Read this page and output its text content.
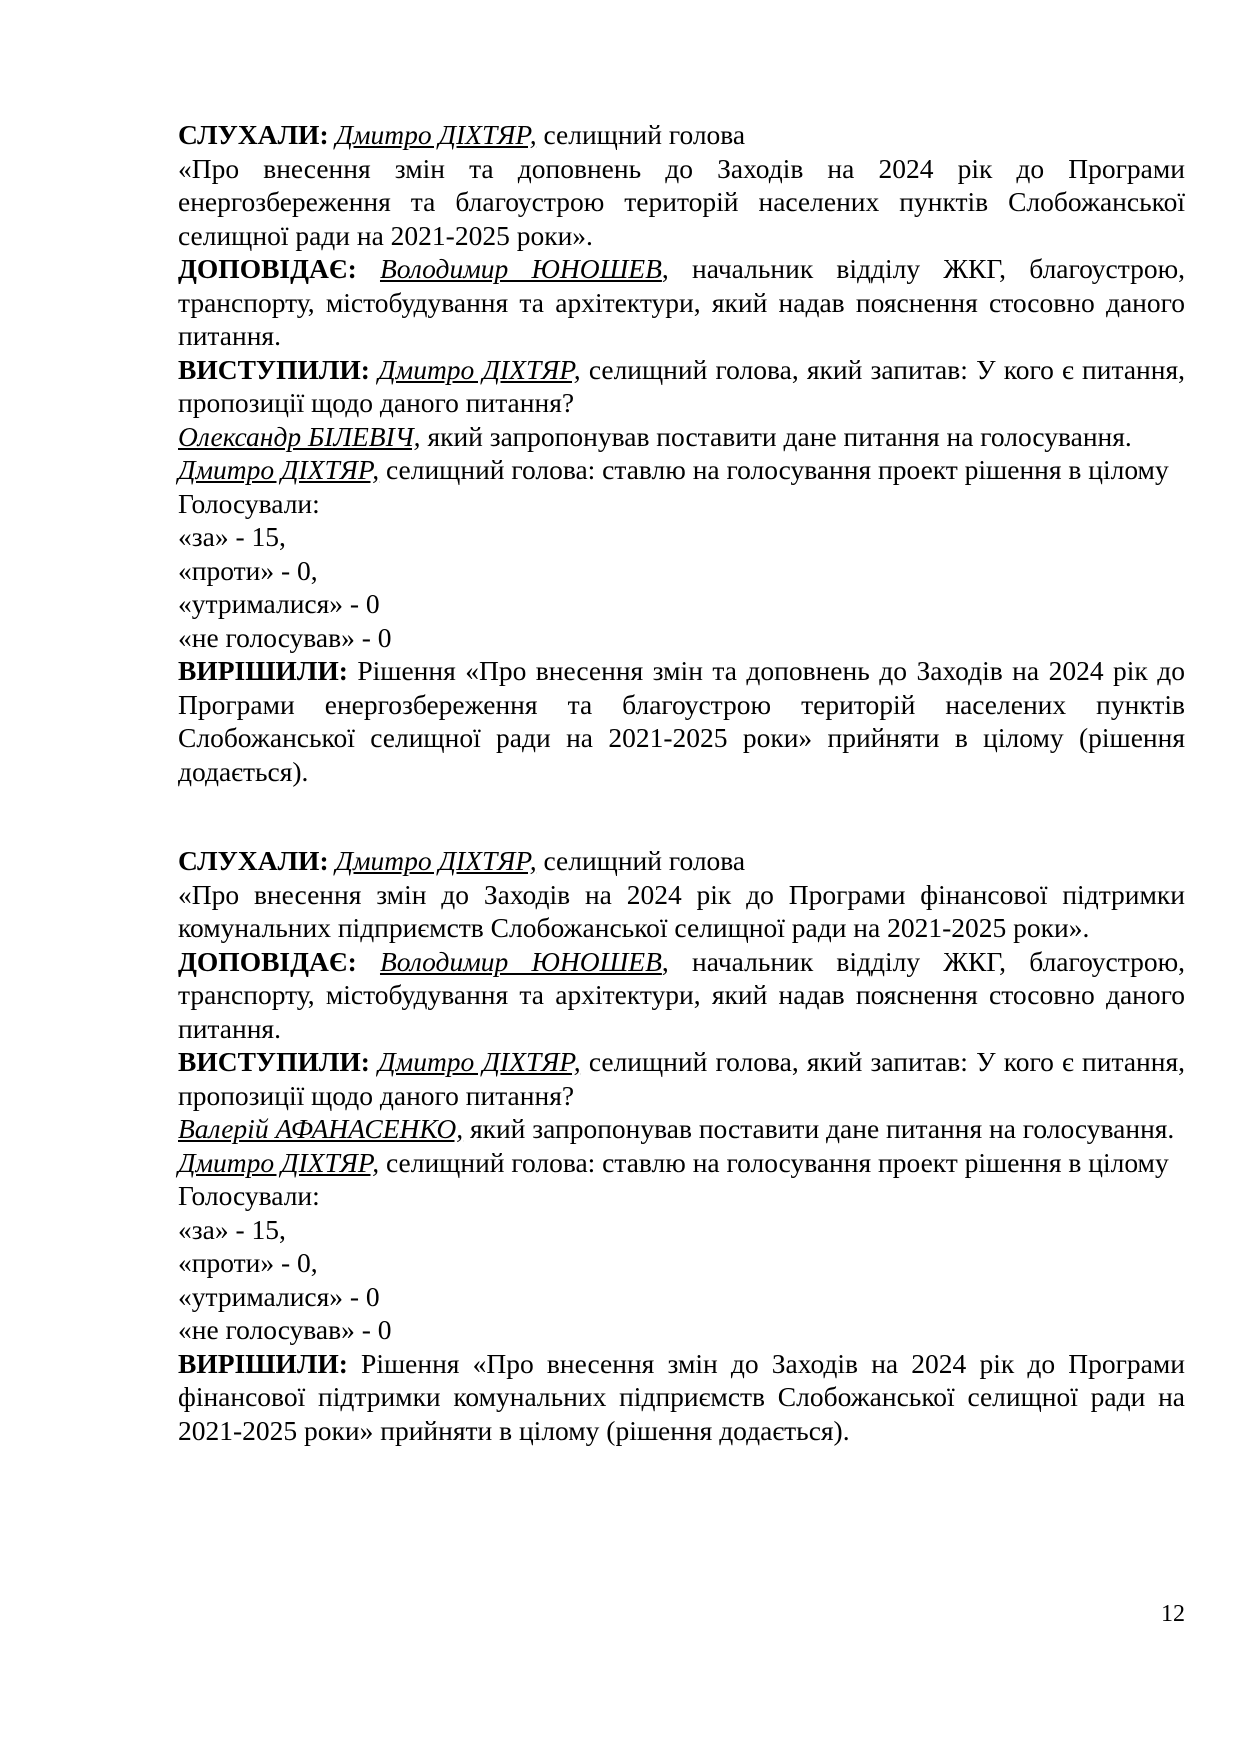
СЛУХАЛИ: Дмитро ДІХТЯР, селищний голова

«Про внесення змін та доповнень до Заходів на 2024 рік до Програми енергозбереження та благоустрою територій населених пунктів Слобожанської селищної ради на 2021-2025 роки».

ДОПОВІДАЄ: Володимир ЮНОШЕВ, начальник відділу ЖКГ, благоустрою, транспорту, містобудування та архітектури, який надав пояснення стосовно даного питання.

ВИСТУПИЛИ: Дмитро ДІХТЯР, селищний голова, який запитав: У кого є питання, пропозиції щодо даного питання?

Олександр БІЛЕВІЧ, який запропонував поставити дане питання на голосування.

Дмитро ДІХТЯР, селищний голова: ставлю на голосування проект рішення в цілому

Голосували:

«за» - 15,

«проти» - 0,

«утрималися» - 0

«не голосував» - 0

ВИРІШИЛИ: Рішення «Про внесення змін та доповнень до Заходів на 2024 рік до Програми енергозбереження та благоустрою територій населених пунктів Слобожанської селищної ради на 2021-2025 роки» прийняти в цілому (рішення додається).

СЛУХАЛИ: Дмитро ДІХТЯР, селищний голова

«Про внесення змін до Заходів на 2024 рік до Програми фінансової підтримки комунальних підприємств Слобожанської селищної ради на 2021-2025 роки».

ДОПОВІДАЄ: Володимир ЮНОШЕВ, начальник відділу ЖКГ, благоустрою, транспорту, містобудування та архітектури, який надав пояснення стосовно даного питання.

ВИСТУПИЛИ: Дмитро ДІХТЯР, селищний голова, який запитав: У кого є питання, пропозиції щодо даного питання?

Валерій АФАНАСЕНКО, який запропонував поставити дане питання на голосування.

Дмитро ДІХТЯР, селищний голова: ставлю на голосування проект рішення в цілому

Голосували:

«за» - 15,

«проти» - 0,

«утрималися» - 0

«не голосував» - 0

ВИРІШИЛИ: Рішення «Про внесення змін до Заходів на 2024 рік до Програми фінансової підтримки комунальних підприємств Слобожанської селищної ради на 2021-2025 роки» прийняти в цілому (рішення додається).

12
